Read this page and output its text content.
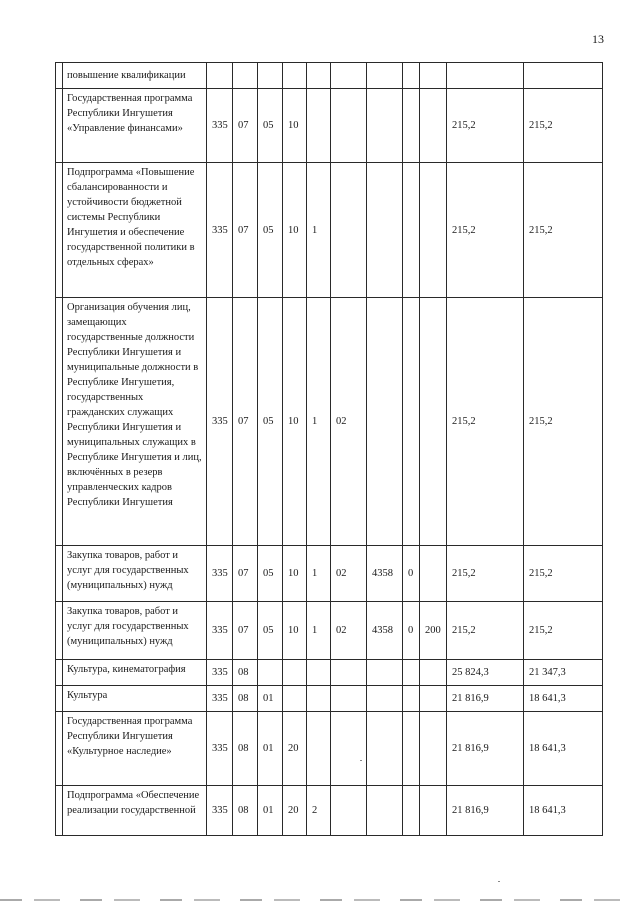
13
	повышение квалификации											
	Государственная программа Республики Ингушетия «Управление финансами»	335	07	05	10						215,2	215,2
	Подпрограмма «Повышение сбалансированности и устойчивости бюджетной системы Республики Ингушетия и обеспечение государственной политики в отдельных сферах»	335	07	05	10	1					215,2	215,2
	Организация обучения лиц, замещающих государственные должности Республики Ингушетия и муниципальные должности в Республике Ингушетия, государственных гражданских служащих Республики Ингушетия и муниципальных служащих в Республике Ингушетия и лиц, включённых в резерв управленческих кадров Республики Ингушетия	335	07	05	10	1	02				215,2	215,2
	Закупка товаров, работ и услуг для государственных (муниципальных) нужд	335	07	05	10	1	02	4358	0		215,2	215,2
	Закупка товаров, работ и услуг для государственных (муниципальных) нужд	335	07	05	10	1	02	4358	0	200	215,2	215,2
	Культура, кинематография	335	08								25 824,3	21 347,3
	Культура	335	08	01							21 816,9	18 641,3
	Государственная программа Республики Ингушетия «Культурное наследие»	335	08	01	20						21 816,9	18 641,3
	Подпрограмма «Обеспечение реализации государственной	335	08	01	20	2					21 816,9	18 641,3
